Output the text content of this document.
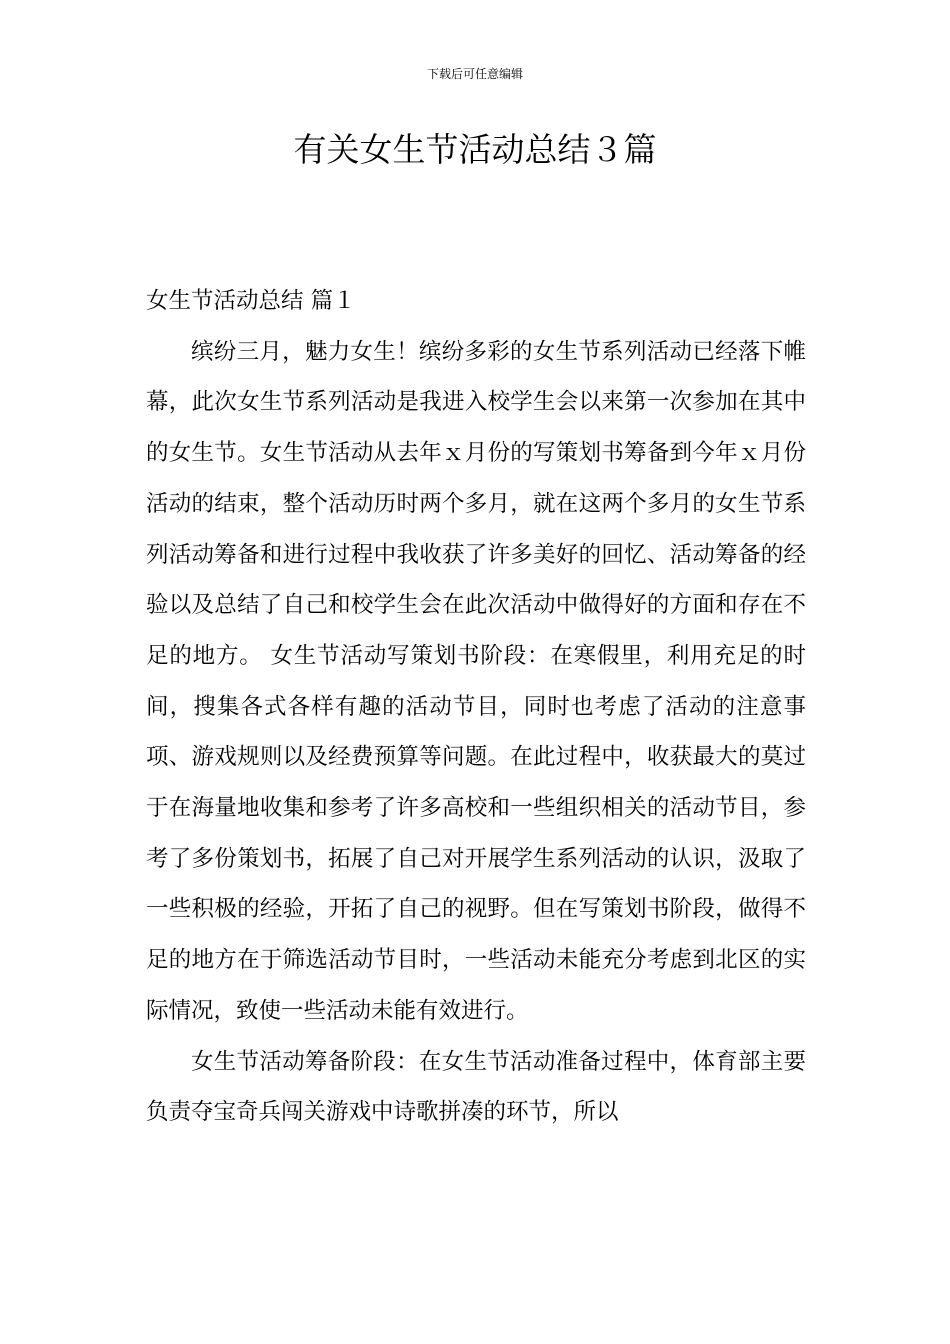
下载后可任意编辑
有关女生节活动总结３篇
女生节活动总结 篇１

缤纷三月，魅力女生！缤纷多彩的女生节系列活动已经落下帷幕，此次女生节系列活动是我进入校学生会以来第一次参加在其中的女生节。女生节活动从去年ｘ月份的写策划书筹备到今年ｘ月份活动的结束，整个活动历时两个多月，就在这两个多月的女生节系列活动筹备和进行过程中我收获了许多美好的回忆、活动筹备的经验以及总结了自己和校学生会在此次活动中做得好的方面和存在不足的地方。 女生节活动写策划书阶段：在寒假里，利用充足的时间，搜集各式各样有趣的活动节目，同时也考虑了活动的注意事项、游戏规则以及经费预算等问题。在此过程中，收获最大的莫过于在海量地收集和参考了许多高校和一些组织相关的活动节目，参考了多份策划书，拓展了自己对开展学生系列活动的认识，汲取了一些积极的经验，开拓了自己的视野。但在写策划书阶段，做得不足的地方在于筛选活动节目时，一些活动未能充分考虑到北区的实际情况，致使一些活动未能有效进行。

女生节活动筹备阶段：在女生节活动准备过程中，体育部主要负责夺宝奇兵闯关游戏中诗歌拼凑的环节，所以
